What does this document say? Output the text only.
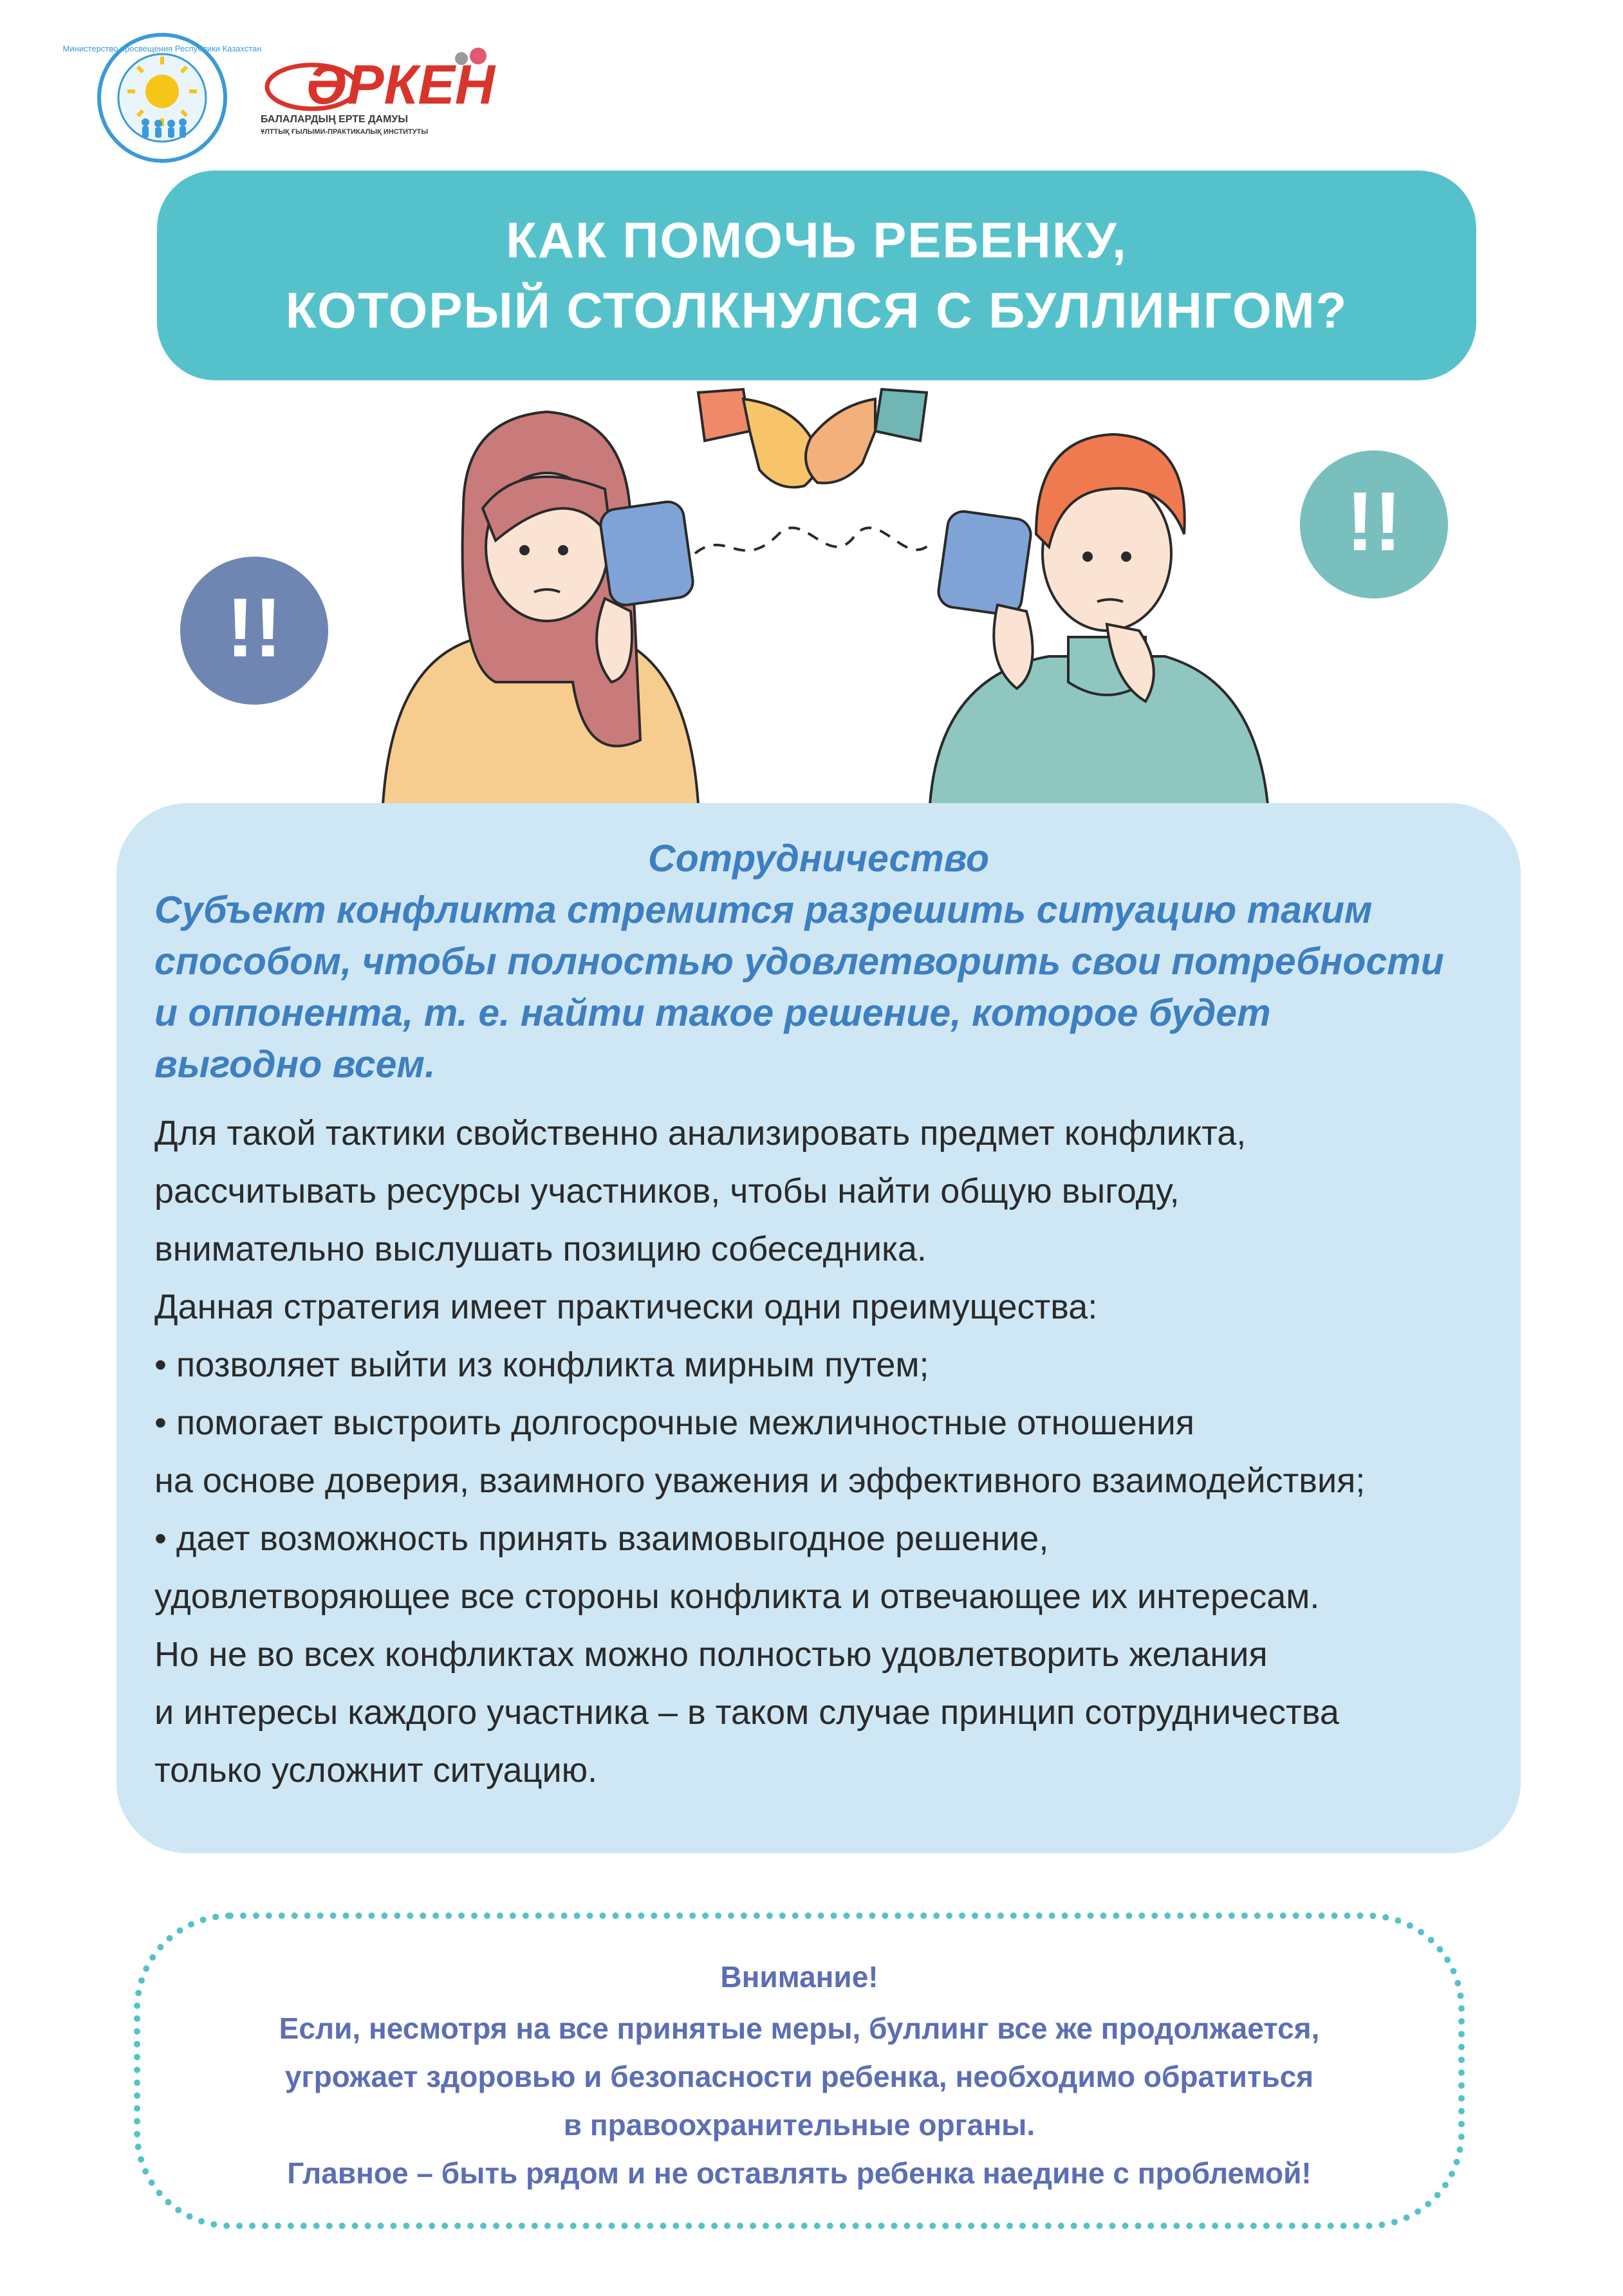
Министерство просвещения Республики Казахстан
ӘРКЕН
БАЛАЛАРДЫҢ ЕРТЕ ДАМУЫ
ҰЛТТЫҚ ҒЫЛЫМИ-ПРАКТИКАЛЫҚ ИНСТИТУТЫ
КАК ПОМОЧЬ РЕБЕНКУ,
КОТОРЫЙ СТОЛКНУЛСЯ С БУЛЛИНГОМ?
!!
!!
Сотрудничество
Субъект конфликта стремится разрешить ситуацию таким
способом, чтобы полностью удовлетворить свои потребности
и оппонента, т. е. найти такое решение, которое будет
выгодно всем.
Для такой тактики свойственно анализировать предмет конфликта,
рассчитывать ресурсы участников, чтобы найти общую выгоду,
внимательно выслушать позицию собеседника.
Данная стратегия имеет практически одни преимущества:
• позволяет выйти из конфликта мирным путем;
• помогает выстроить долгосрочные межличностные отношения
на основе доверия, взаимного уважения и эффективного взаимодействия;
• дает возможность принять взаимовыгодное решение,
удовлетворяющее все стороны конфликта и отвечающее их интересам.
Но не во всех конфликтах можно полностью удовлетворить желания
и интересы каждого участника – в таком случае принцип сотрудничества
только усложнит ситуацию.
Внимание!
Если, несмотря на все принятые меры, буллинг все же продолжается,
угрожает здоровью и безопасности ребенка, необходимо обратиться
в правоохранительные органы.
Главное – быть рядом и не оставлять ребенка наедине с проблемой!
